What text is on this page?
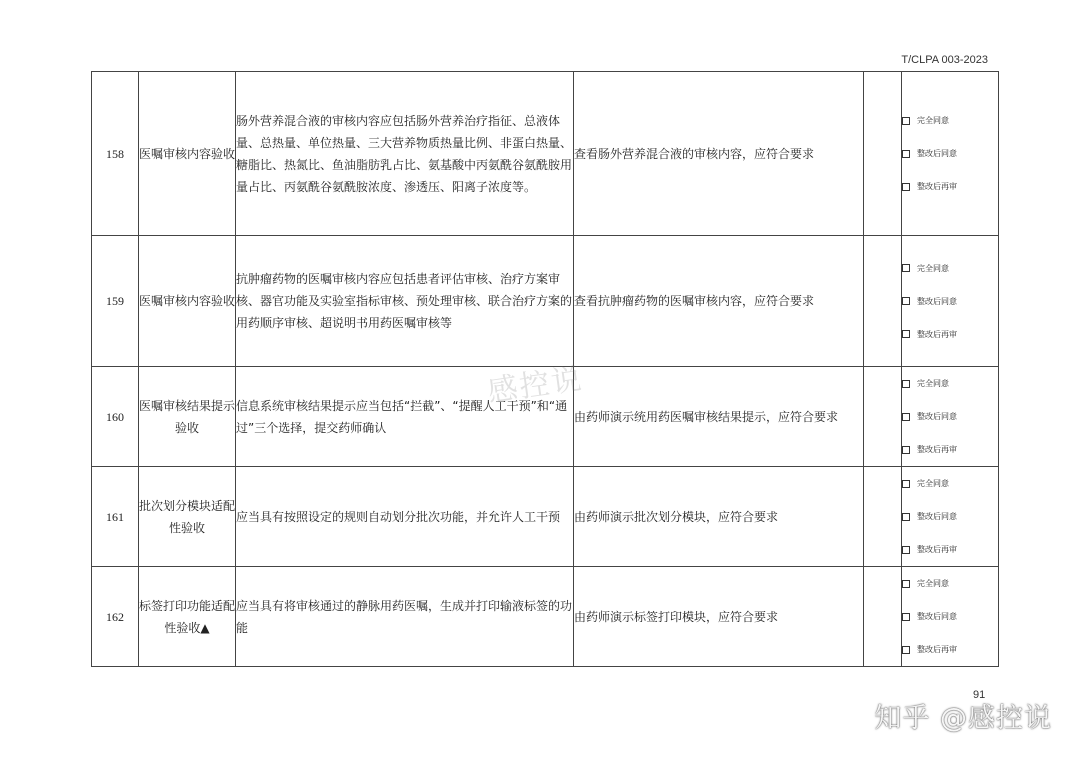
T/CLPA 003-2023
158	医嘱审核内容验收	肠外营养混合液的审核内容应包括肠外营养治疗指征、总液体量、总热量、单位热量、三大营养物质热量比例、非蛋白热量、糖脂比、热氮比、鱼油脂肪乳占比、氨基酸中丙氨酰谷氨酰胺用量占比、丙氨酰谷氨酰胺浓度、渗透压、阳离子浓度等。	查看肠外营养混合液的审核内容，应符合要求		完全同意
整改后同意
整改后再审

159	医嘱审核内容验收	抗肿瘤药物的医嘱审核内容应包括患者评估审核、治疗方案审核、器官功能及实验室指标审核、预处理审核、联合治疗方案的用药顺序审核、超说明书用药医嘱审核等	查看抗肿瘤药物的医嘱审核内容，应符合要求		完全同意
整改后同意
整改后再审

160	医嘱审核结果提示验收	信息系统审核结果提示应当包括“拦截”、“提醒人工干预”和“通过”三个选择，提交药师确认	由药师演示统用药医嘱审核结果提示，应符合要求		完全同意
整改后同意
整改后再审

161	批次划分模块适配性验收	应当具有按照设定的规则自动划分批次功能，并允许人工干预	由药师演示批次划分模块，应符合要求		完全同意
整改后同意
整改后再审

162	标签打印功能适配性验收▲	应当具有将审核通过的静脉用药医嘱，生成并打印输液标签的功能	由药师演示标签打印模块，应符合要求		完全同意
整改后同意
整改后再审
感控说
91
知乎 @感控说
